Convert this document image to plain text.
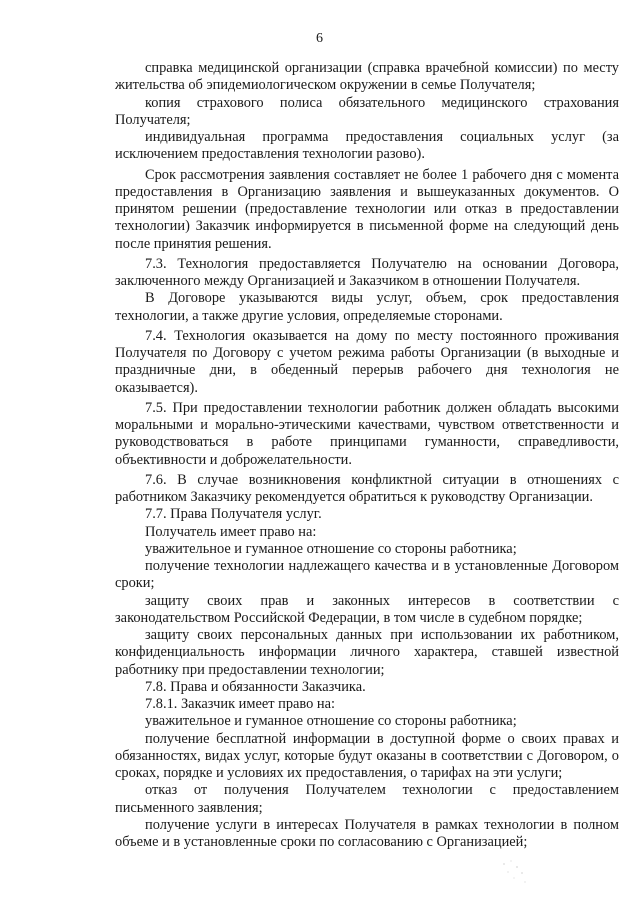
6

справка медицинской организации (справка врачебной комиссии) по месту жительства об эпидемиологическом окружении в семье Получателя;

копия страхового полиса обязательного медицинского страхования Получателя;

индивидуальная программа предоставления социальных услуг (за исключением предоставления технологии разово).

Срок рассмотрения заявления составляет не более 1 рабочего дня с момента предоставления в Организацию заявления и вышеуказанных документов. О принятом решении (предоставление технологии или отказ в предоставлении технологии) Заказчик информируется в письменной форме на следующий день после принятия решения.

7.3. Технология предоставляется Получателю на основании Договора, заключенного между Организацией и Заказчиком в отношении Получателя.

В Договоре указываются виды услуг, объем, срок предоставления технологии, а также другие условия, определяемые сторонами.

7.4. Технология оказывается на дому по месту постоянного проживания Получателя по Договору с учетом режима работы Организации (в выходные и праздничные дни, в обеденный перерыв рабочего дня технология не оказывается).

7.5. При предоставлении технологии работник должен обладать высокими моральными и морально-этическими качествами, чувством ответственности и руководствоваться в работе принципами гуманности, справедливости, объективности и доброжелательности.

7.6. В случае возникновения конфликтной ситуации в отношениях с работником Заказчику рекомендуется обратиться к руководству Организации.

7.7. Права Получателя услуг.

Получатель имеет право на:

уважительное и гуманное отношение со стороны работника;

получение технологии надлежащего качества и в установленные Договором сроки;

защиту своих прав и законных интересов в соответствии с законодательством Российской Федерации, в том числе в судебном порядке;

защиту своих персональных данных при использовании их работником, конфиденциальность информации личного характера, ставшей известной работнику при предоставлении технологии;

7.8. Права и обязанности Заказчика.

7.8.1. Заказчик имеет право на:

уважительное и гуманное отношение со стороны работника;

получение бесплатной информации в доступной форме о своих правах и обязанностях, видах услуг, которые будут оказаны в соответствии с Договором, о сроках, порядке и условиях их предоставления, о тарифах на эти услуги;

отказ от получения Получателем технологии с предоставлением письменного заявления;

получение услуги в интересах Получателя в рамках технологии в полном объеме и в установленные сроки по согласованию с Организацией;
